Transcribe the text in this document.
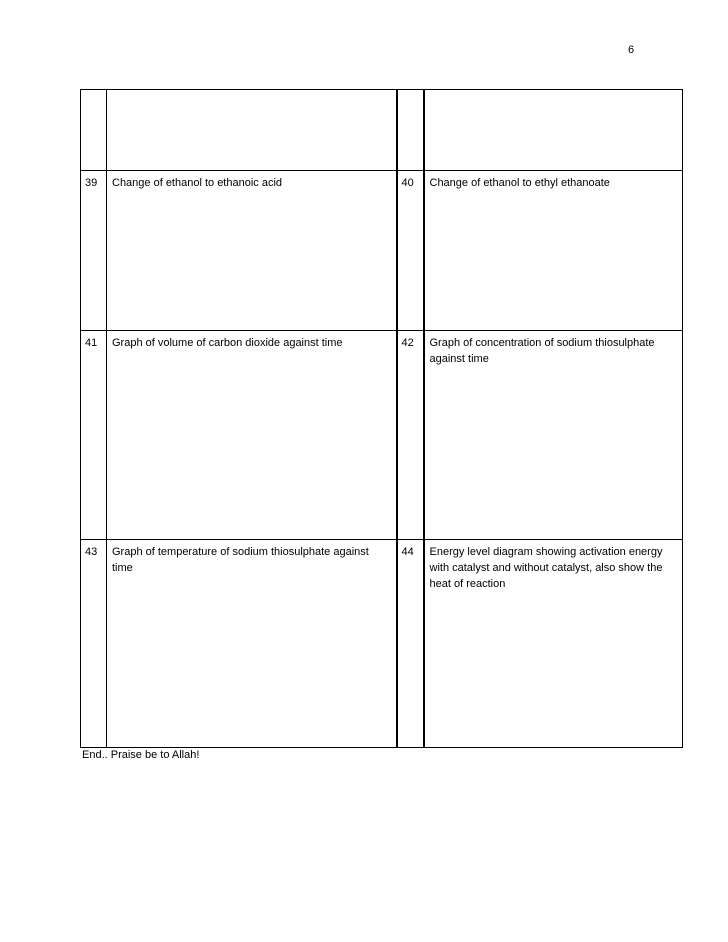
6

39	Change of ethanol to ethanoic acid	40	Change of ethanol to ethyl ethanoate
41	Graph of volume of carbon dioxide against time	42	Graph of concentration of sodium thiosulphate against time
43	Graph of temperature of sodium thiosulphate against time	44	Energy level diagram showing activation energy with catalyst and without catalyst, also show the heat of reaction
End.. Praise be to Allah!
